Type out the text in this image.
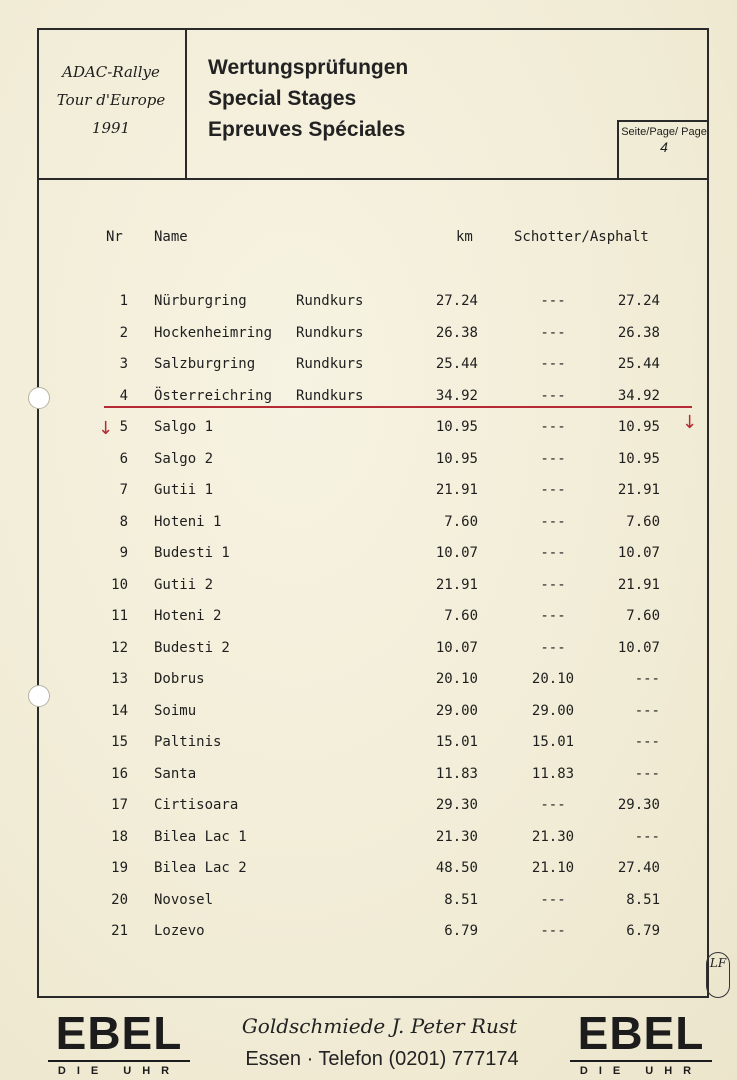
ADAC-Rallye
Tour d'Europe
1991
Wertungsprüfungen
Special Stages
Epreuves Spéciales	Seite/Page/ Page
4
Nr Name	km	Schotter/Asphalt
1 Nürburgring	Rundkurs	27.24	---	27.24
2 Hockenheimring Rundkurs	26.38	---	26.38
3 Salzburgring	Rundkurs	25.44	---	25.44
4 Österreichring Rundkurs	34.92	---	34.92
5 Salgo 1	10.95	---	10.95
6 Salgo 2	10.95	---	10.95
7 Gutii 1	21.91	---	21.91
8 Hoteni 1	7.60	---	7.60
9 Budesti 1	10.07	---	10.07
10 Gutii 2	21.91	---	21.91
11 Hoteni 2	7.60	---	7.60
12 Budesti 2	10.07	---	10.07
13 Dobrus	20.10	20.10	---
14 Soimu	29.00	29.00	---
15 Paltinis	15.01	15.01	---
16 Santa	11.83	11.83	---
17 Cirtisoara	29.30	---	29.30
18 Bilea Lac 1	21.30	21.30	---
19 Bilea Lac 2	48.50	21.10	27.40
20 Novosel	8.51	---	8.51
21 Lozevo	6.79	---	6.79
↓	↓
LF
EBEL
DIE UHR
Goldschmiede J. Peter Rust
Essen · Telefon (0201) 777174	EBEL
DIE UHR
